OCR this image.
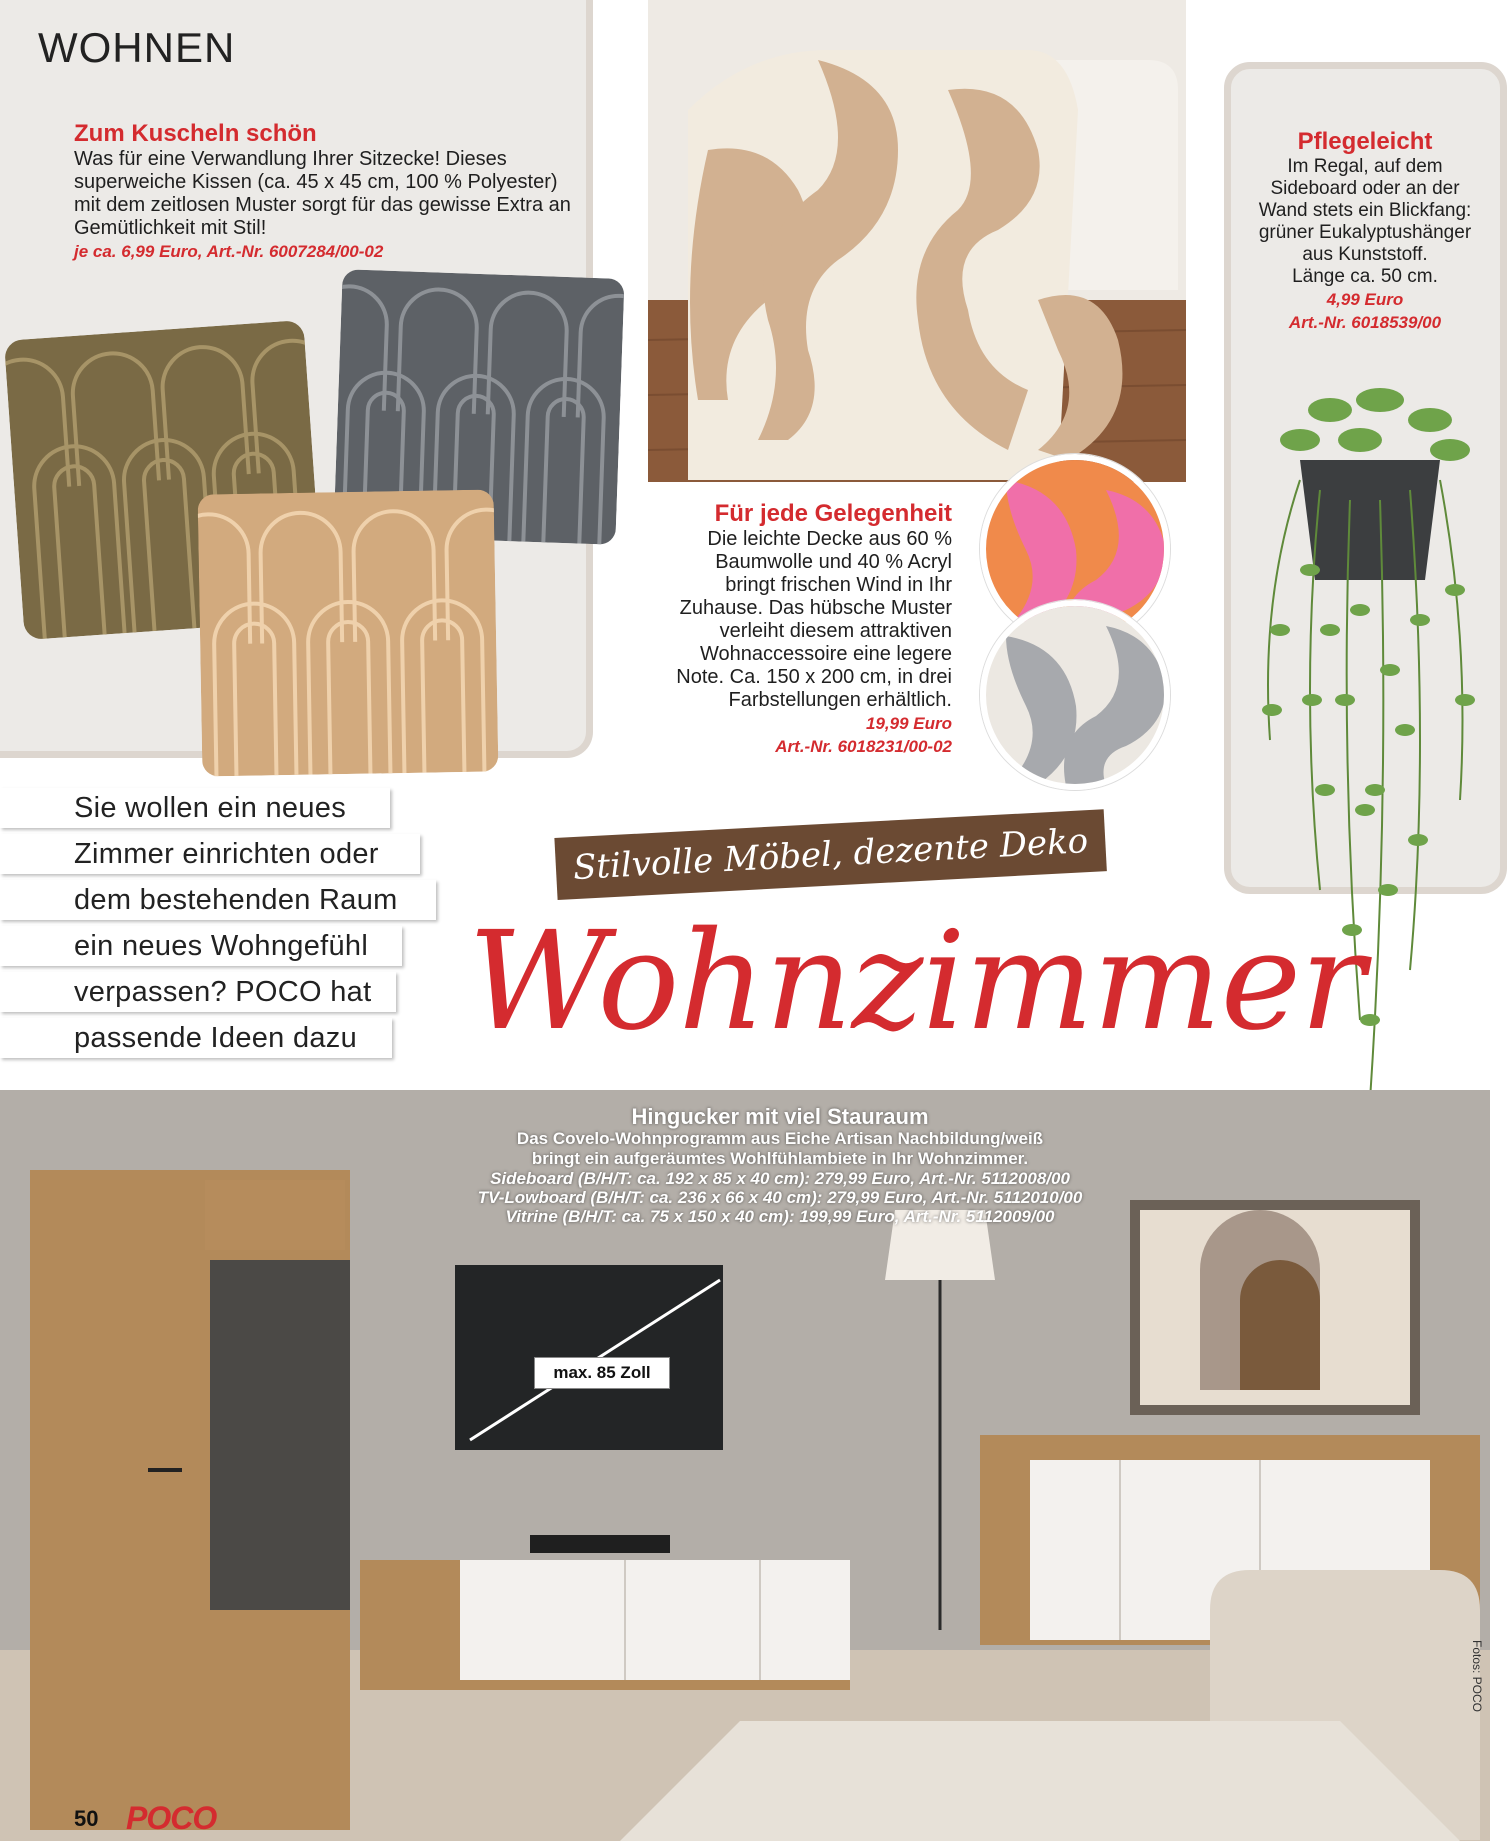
WOHNEN
Zum Kuscheln schön
Was für eine Verwandlung Ihrer Sitzecke! Dieses superweiche Kissen (ca. 45 x 45 cm, 100 % Polyester) mit dem zeitlosen Muster sorgt für das gewisse Extra an Gemütlichkeit mit Stil!
je ca. 6,99 Euro, Art.-Nr. 6007284/00-02
Für jede Gelegenheit
Die leichte Decke aus 60 %
Baumwolle und 40 % Acryl
bringt frischen Wind in Ihr
Zuhause. Das hübsche Muster
verleiht diesem attraktiven
Wohnaccessoire eine legere
Note. Ca. 150 x 200 cm, in drei
Farbstellungen erhältlich.
19,99 Euro
Art.-Nr. 6018231/00-02
Pflegeleicht
Im Regal, auf dem
Sideboard oder an der
Wand stets ein Blickfang:
grüner Eukalyptushänger
aus Kunststoff.
Länge ca. 50 cm.
4,99 Euro
Art.-Nr. 6018539/00
Sie wollen ein neues
Zimmer einrichten oder
dem bestehenden Raum
ein neues Wohngefühl
verpassen? POCO hat
passende Ideen dazu
Stilvolle Möbel, dezente Deko
Wohnzimmer
Hingucker mit viel Stauraum
Das Covelo-Wohnprogramm aus Eiche Artisan Nachbildung/weiß
bringt ein aufgeräumtes Wohlfühlambiete in Ihr Wohnzimmer.
Sideboard (B/H/T: ca. 192 x 85 x 40 cm): 279,99 Euro, Art.-Nr. 5112008/00
TV-Lowboard (B/H/T: ca. 236 x 66 x 40 cm): 279,99 Euro, Art.-Nr. 5112010/00
Vitrine (B/H/T: ca. 75 x 150 x 40 cm): 199,99 Euro, Art.-Nr. 5112009/00
max. 85 Zoll
50 POCO
Fotos: POCO
